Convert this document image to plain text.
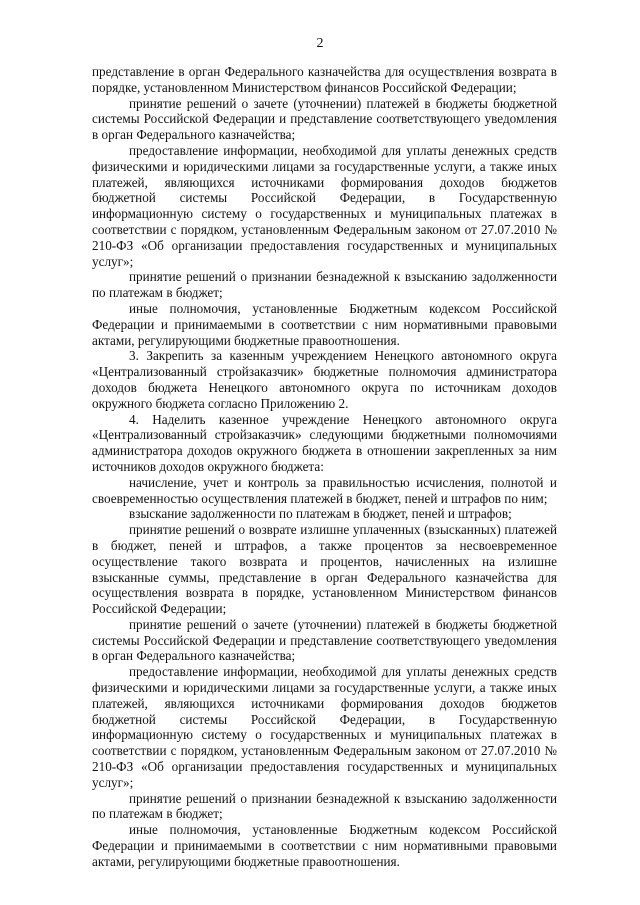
2

представление в орган Федерального казначейства для осуществления возврата в порядке, установленном Министерством финансов Российской Федерации;

принятие решений о зачете (уточнении) платежей в бюджеты бюджетной системы Российской Федерации и представление соответствующего уведомления в орган Федерального казначейства;

предоставление информации, необходимой для уплаты денежных средств физическими и юридическими лицами за государственные услуги, а также иных платежей, являющихся источниками формирования доходов бюджетов бюджетной системы Российской Федерации, в Государственную информационную систему о государственных и муниципальных платежах в соответствии с порядком, установленным Федеральным законом от 27.07.2010 № 210-ФЗ «Об организации предоставления государственных и муниципальных услуг»;

принятие решений о признании безнадежной к взысканию задолженности по платежам в бюджет;

иные полномочия, установленные Бюджетным кодексом Российской Федерации и принимаемыми в соответствии с ним нормативными правовыми актами, регулирующими бюджетные правоотношения.

3. Закрепить за казенным учреждением Ненецкого автономного округа «Централизованный стройзаказчик» бюджетные полномочия администратора доходов бюджета Ненецкого автономного округа по источникам доходов окружного бюджета согласно Приложению 2.

4. Наделить казенное учреждение Ненецкого автономного округа «Централизованный стройзаказчик» следующими бюджетными полномочиями администратора доходов окружного бюджета в отношении закрепленных за ним источников доходов окружного бюджета:

начисление, учет и контроль за правильностью исчисления, полнотой и своевременностью осуществления платежей в бюджет, пеней и штрафов по ним;

взыскание задолженности по платежам в бюджет, пеней и штрафов;

принятие решений о возврате излишне уплаченных (взысканных) платежей в бюджет, пеней и штрафов, а также процентов за несвоевременное осуществление такого возврата и процентов, начисленных на излишне взысканные суммы, представление в орган Федерального казначейства для осуществления возврата в порядке, установленном Министерством финансов Российской Федерации;

принятие решений о зачете (уточнении) платежей в бюджеты бюджетной системы Российской Федерации и представление соответствующего уведомления в орган Федерального казначейства;

предоставление информации, необходимой для уплаты денежных средств физическими и юридическими лицами за государственные услуги, а также иных платежей, являющихся источниками формирования доходов бюджетов бюджетной системы Российской Федерации, в Государственную информационную систему о государственных и муниципальных платежах в соответствии с порядком, установленным Федеральным законом от 27.07.2010 № 210-ФЗ «Об организации предоставления государственных и муниципальных услуг»;

принятие решений о признании безнадежной к взысканию задолженности по платежам в бюджет;

иные полномочия, установленные Бюджетным кодексом Российской Федерации и принимаемыми в соответствии с ним нормативными правовыми актами, регулирующими бюджетные правоотношения.
